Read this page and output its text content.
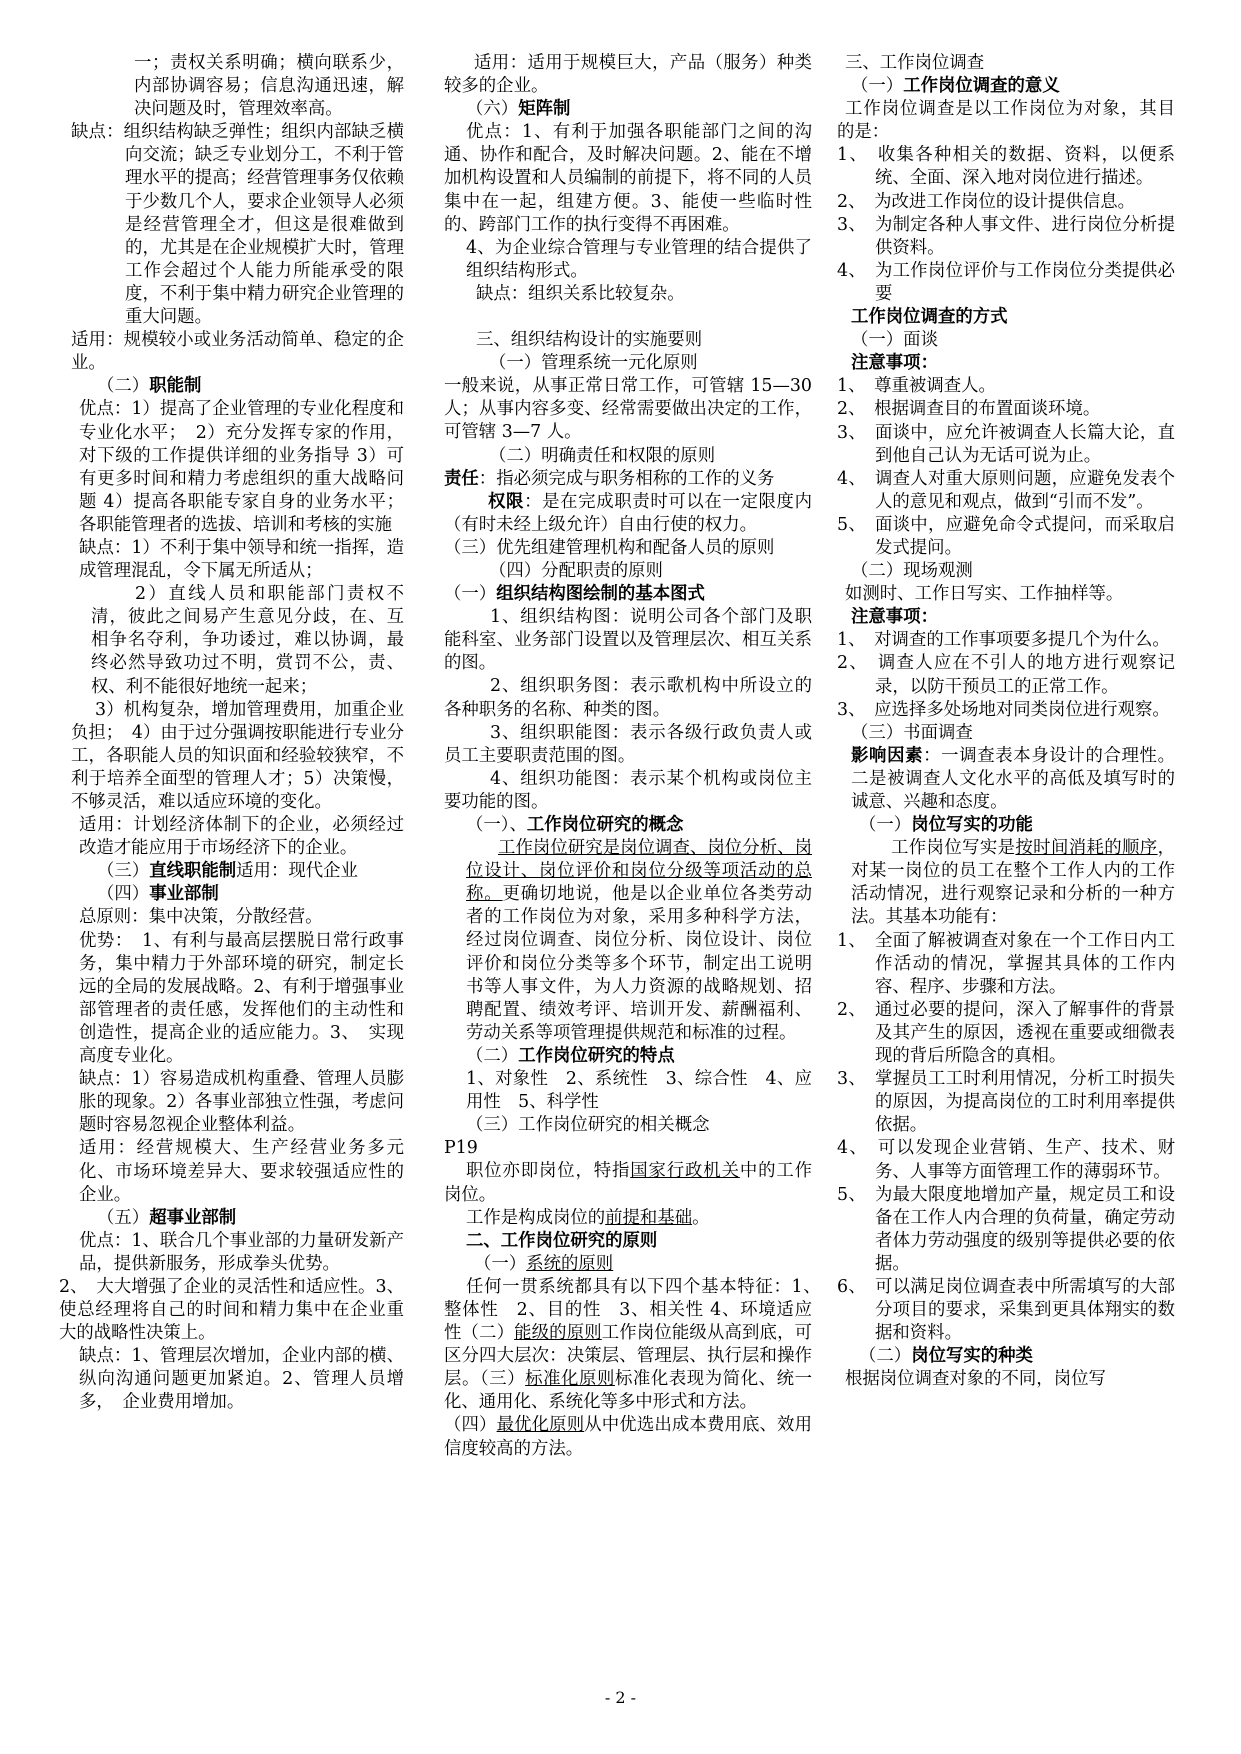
一；责权关系明确；横向联系少，内部协调容易；信息沟通迅速，解决问题及时，管理效率高。

缺点：组织结构缺乏弹性；组织内部缺乏横向交流；缺乏专业划分工，不利于管理水平的提高；经营管理事务仅依赖于少数几个人，要求企业领导人必须是经营管理全才，但这是很难做到的，尤其是在企业规模扩大时，管理工作会超过个人能力所能承受的限度，不利于集中精力研究企业管理的重大问题。

适用：规模较小或业务活动简单、稳定的企业。

（二）职能制

优点：1）提高了企业管理的专业化程度和专业化水平；　2）充分发挥专家的作用，对下级的工作提供详细的业务指导 3）可有更多时间和精力考虑组织的重大战略问题 4）提高各职能专家自身的业务水平；各职能管理者的选拔、培训和考核的实施

缺点：1）不利于集中领导和统一指挥，造成管理混乱，令下属无所适从；

2）直线人员和职能部门责权不清，彼此之间易产生意见分歧，在、互相争名夺利，争功诿过，难以协调，最终必然导致功过不明，赏罚不公，责、权、利不能很好地统一起来；

3）机构复杂，增加管理费用，加重企业负担；　4）由于过分强调按职能进行专业分工，各职能人员的知识面和经验较狭窄，不利于培养全面型的管理人才；5）决策慢，不够灵活，难以适应环境的变化。

适用：计划经济体制下的企业，必须经过改造才能应用于市场经济下的企业。

（三）直线职能制适用：现代企业

（四）事业部制

总原则：集中决策，分散经营。

优势：　1、有利与最高层摆脱日常行政事务，集中精力于外部环境的研究，制定长远的全局的发展战略。2、有利于增强事业部管理者的责任感，发挥他们的主动性和创造性，提高企业的适应能力。3、　实现高度专业化。

缺点：1）容易造成机构重叠、管理人员膨胀的现象。2）各事业部独立性强，考虑问题时容易忽视企业整体利益。

适用：经营规模大、生产经营业务多元化、市场环境差异大、要求较强适应性的企业。

（五）超事业部制

优点：1、联合几个事业部的力量研发新产品，提供新服务，形成拳头优势。

2、　大大增强了企业的灵活性和适应性。3、使总经理将自己的时间和精力集中在企业重大的战略性决策上。

缺点：1、管理层次增加，企业内部的横、纵向沟通问题更加紧迫。2、管理人员增多，　企业费用增加。

适用：适用于规模巨大，产品（服务）种类较多的企业。

（六）矩阵制

优点：1、有利于加强各职能部门之间的沟通、协作和配合，及时解决问题。2、能在不增加机构设置和人员编制的前提下，将不同的人员集中在一起，组建方便。3、能使一些临时性的、跨部门工作的执行变得不再困难。

4、为企业综合管理与专业管理的结合提供了组织结构形式。

缺点：组织关系比较复杂。

三、组织结构设计的实施要则

（一）管理系统一元化原则

一般来说，从事正常日常工作，可管辖 15—30 人；从事内容多变、经常需要做出决定的工作，可管辖 3—7 人。

（二）明确责任和权限的原则

责任：指必须完成与职务相称的工作的义务

权限：是在完成职责时可以在一定限度内（有时未经上级允许）自由行使的权力。

（三）优先组建管理机构和配备人员的原则

（四）分配职责的原则

（一）组织结构图绘制的基本图式

1、组织结构图：说明公司各个部门及职能科室、业务部门设置以及管理层次、相互关系的图。

2、组织职务图：表示歌机构中所设立的各种职务的名称、种类的图。

3、组织职能图：表示各级行政负责人或员工主要职责范围的图。

4、组织功能图：表示某个机构或岗位主要功能的图。

（一）、工作岗位研究的概念

工作岗位研究是岗位调查、岗位分析、岗位设计、岗位评价和岗位分级等项活动的总称。更确切地说，他是以企业单位各类劳动者的工作岗位为对象，采用多种科学方法，经过岗位调查、岗位分析、岗位设计、岗位评价和岗位分类等多个环节，制定出工说明书等人事文件，为人力资源的战略规划、招聘配置、绩效考评、培训开发、薪酬福利、劳动关系等项管理提供规范和标准的过程。

（二）工作岗位研究的特点

1、对象性　2、系统性　3、综合性　4、应用性　5、科学性

（三）工作岗位研究的相关概念

P19

职位亦即岗位，特指国家行政机关中的工作岗位。

工作是构成岗位的前提和基础。

二、工作岗位研究的原则

（一）系统的原则

任何一贯系统都具有以下四个基本特征：1、　整体性　2、目的性　3、相关性 4、环境适应性（二）能级的原则工作岗位能级从高到底，可区分四大层次：决策层、管理层、执行层和操作层。（三）标准化原则标准化表现为简化、统一化、通用化、系统化等多中形式和方法。

（四）最优化原则从中优选出成本费用底、效用信度较高的方法。

三、工作岗位调查

（一）工作岗位调查的意义

工作岗位调查是以工作岗位为对象，其目的是：

1、　收集各种相关的数据、资料，以便系统、全面、深入地对岗位进行描述。

2、　为改进工作岗位的设计提供信息。

3、　为制定各种人事文件、进行岗位分析提供资料。

4、　为工作岗位评价与工作岗位分类提供必要

工作岗位调查的方式

（一）面谈

注意事项：

1、　尊重被调查人。

2、　根据调查目的布置面谈环境。

3、　面谈中，应允许被调查人长篇大论，直到他自己认为无话可说为止。

4、　调查人对重大原则问题，应避免发表个人的意见和观点，做到“引而不发”。

5、　面谈中，应避免命令式提问，而采取启发式提问。

（二）现场观测

如测时、工作日写实、工作抽样等。

注意事项：

1、　对调查的工作事项要多提几个为什么。

2、　调查人应在不引人的地方进行观察记录，以防干预员工的正常工作。

3、　应选择多处场地对同类岗位进行观察。

（三）书面调查

影响因素：一调查表本身设计的合理性。二是被调查人文化水平的高低及填写时的诚意、兴趣和态度。

（一）岗位写实的功能

工作岗位写实是按时间消耗的顺序，对某一岗位的员工在整个工作人内的工作活动情况，进行观察记录和分析的一种方法。其基本功能有：

1、　全面了解被调查对象在一个工作日内工作活动的情况，掌握其具体的工作内容、程序、步骤和方法。

2、　通过必要的提问，深入了解事件的背景及其产生的原因，透视在重要或细微表现的背后所隐含的真相。

3、　掌握员工工时利用情况，分析工时损失的原因，为提高岗位的工时利用率提供依据。

4、　可以发现企业营销、生产、技术、财务、人事等方面管理工作的薄弱环节。

5、　为最大限度地增加产量，规定员工和设备在工作人内合理的负荷量，确定劳动者体力劳动强度的级别等提供必要的依据。

6、　可以满足岗位调查表中所需填写的大部分项目的要求，采集到更具体翔实的数据和资料。

（二）岗位写实的种类

根据岗位调查对象的不同，岗位写

- 2 -
